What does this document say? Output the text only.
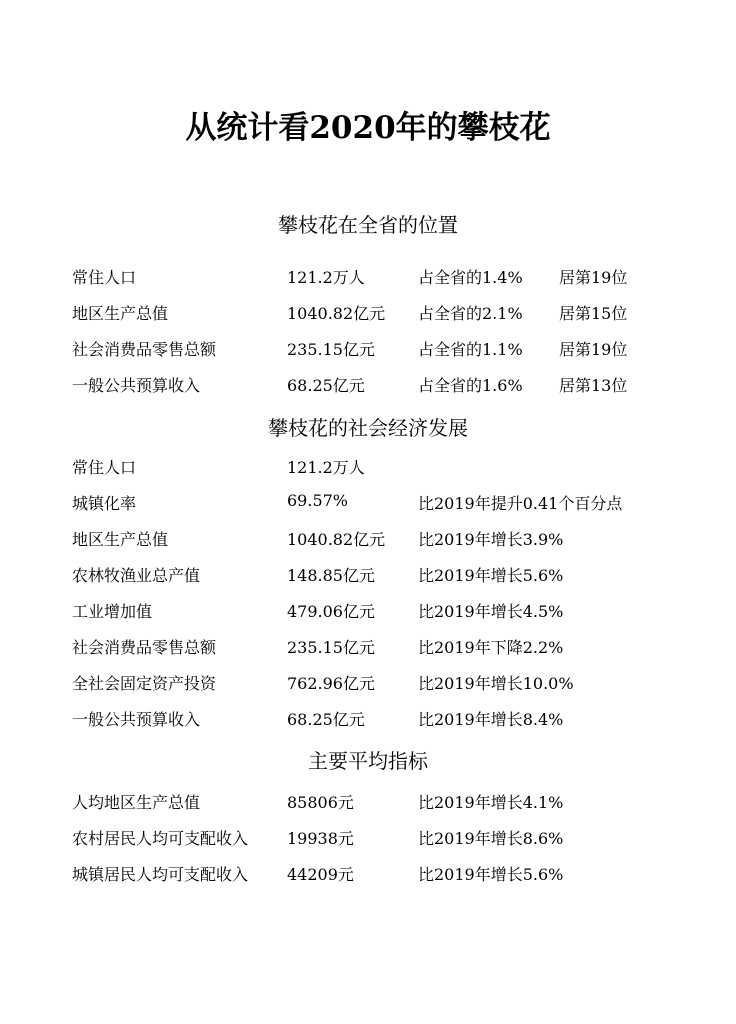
从统计看2020年的攀枝花
攀枝花在全省的位置
常住人口	121.2万人	占全省的1.4% 居第19位
地区生产总值	1040.82亿元 占全省的2.1% 居第15位
社会消费品零售总额	235.15亿元	占全省的1.1% 居第19位
一般公共预算收入	68.25亿元	占全省的1.6% 居第13位
攀枝花的社会经济发展
常住人口	121.2万人
城镇化率	69.57%	比2019年提升0.41个百分点
地区生产总值	1040.82亿元 比2019年增长3.9%
农林牧渔业总产值	148.85亿元	比2019年增长5.6%
工业增加值	479.06亿元	比2019年增长4.5%
社会消费品零售总额	235.15亿元	比2019年下降2.2%
全社会固定资产投资	762.96亿元	比2019年增长10.0%
一般公共预算收入	68.25亿元	比2019年增长8.4%
主要平均指标
人均地区生产总值	85806元	比2019年增长4.1%
农村居民人均可支配收入 19938元	比2019年增长8.6%
城镇居民人均可支配收入 44209元	比2019年增长5.6%
